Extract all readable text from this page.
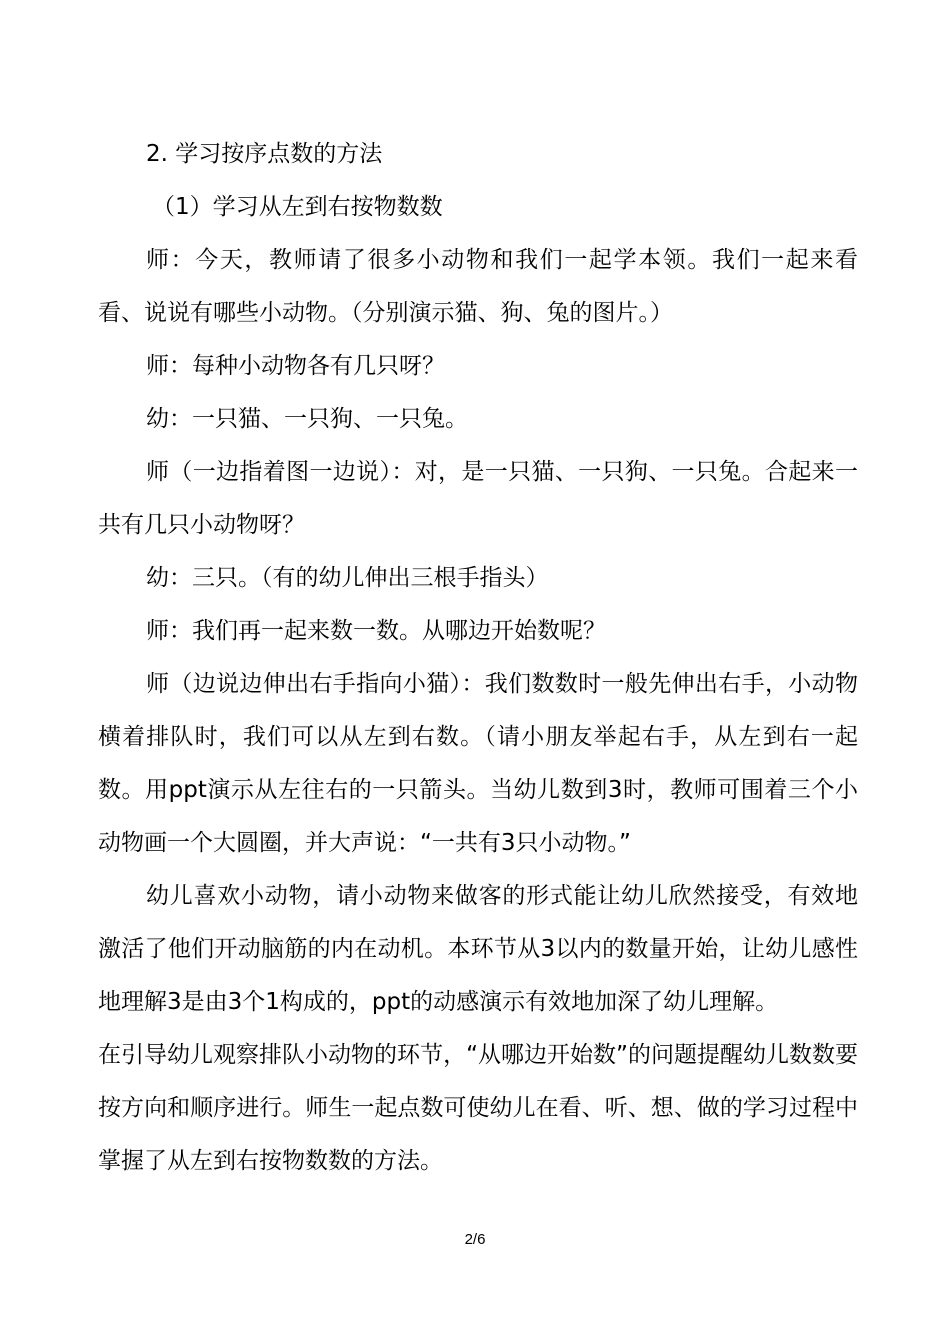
2. 学习按序点数的方法

（1）学习从左到右按物数数

师：今天，教师请了很多小动物和我们一起学本领。我们一起来看看、说说有哪些小动物。（分别演示猫、狗、兔的图片。）

师：每种小动物各有几只呀？

幼：一只猫、一只狗、一只兔。

师（一边指着图一边说）：对，是一只猫、一只狗、一只兔。合起来一共有几只小动物呀？

幼：三只。（有的幼儿伸出三根手指头）

师：我们再一起来数一数。从哪边开始数呢？

师（边说边伸出右手指向小猫）：我们数数时一般先伸出右手，小动物横着排队时，我们可以从左到右数。（请小朋友举起右手，从左到右一起数。用ppt演示从左往右的一只箭头。当幼儿数到3时，教师可围着三个小动物画一个大圆圈，并大声说：“一共有3只小动物。”

幼儿喜欢小动物，请小动物来做客的形式能让幼儿欣然接受，有效地激活了他们开动脑筋的内在动机。本环节从3以内的数量开始，让幼儿感性地理解3是由3个1构成的，ppt的动感演示有效地加深了幼儿理解。

在引导幼儿观察排队小动物的环节，“从哪边开始数”的问题提醒幼儿数数要按方向和顺序进行。师生一起点数可使幼儿在看、听、想、做的学习过程中掌握了从左到右按物数数的方法。

2/6
